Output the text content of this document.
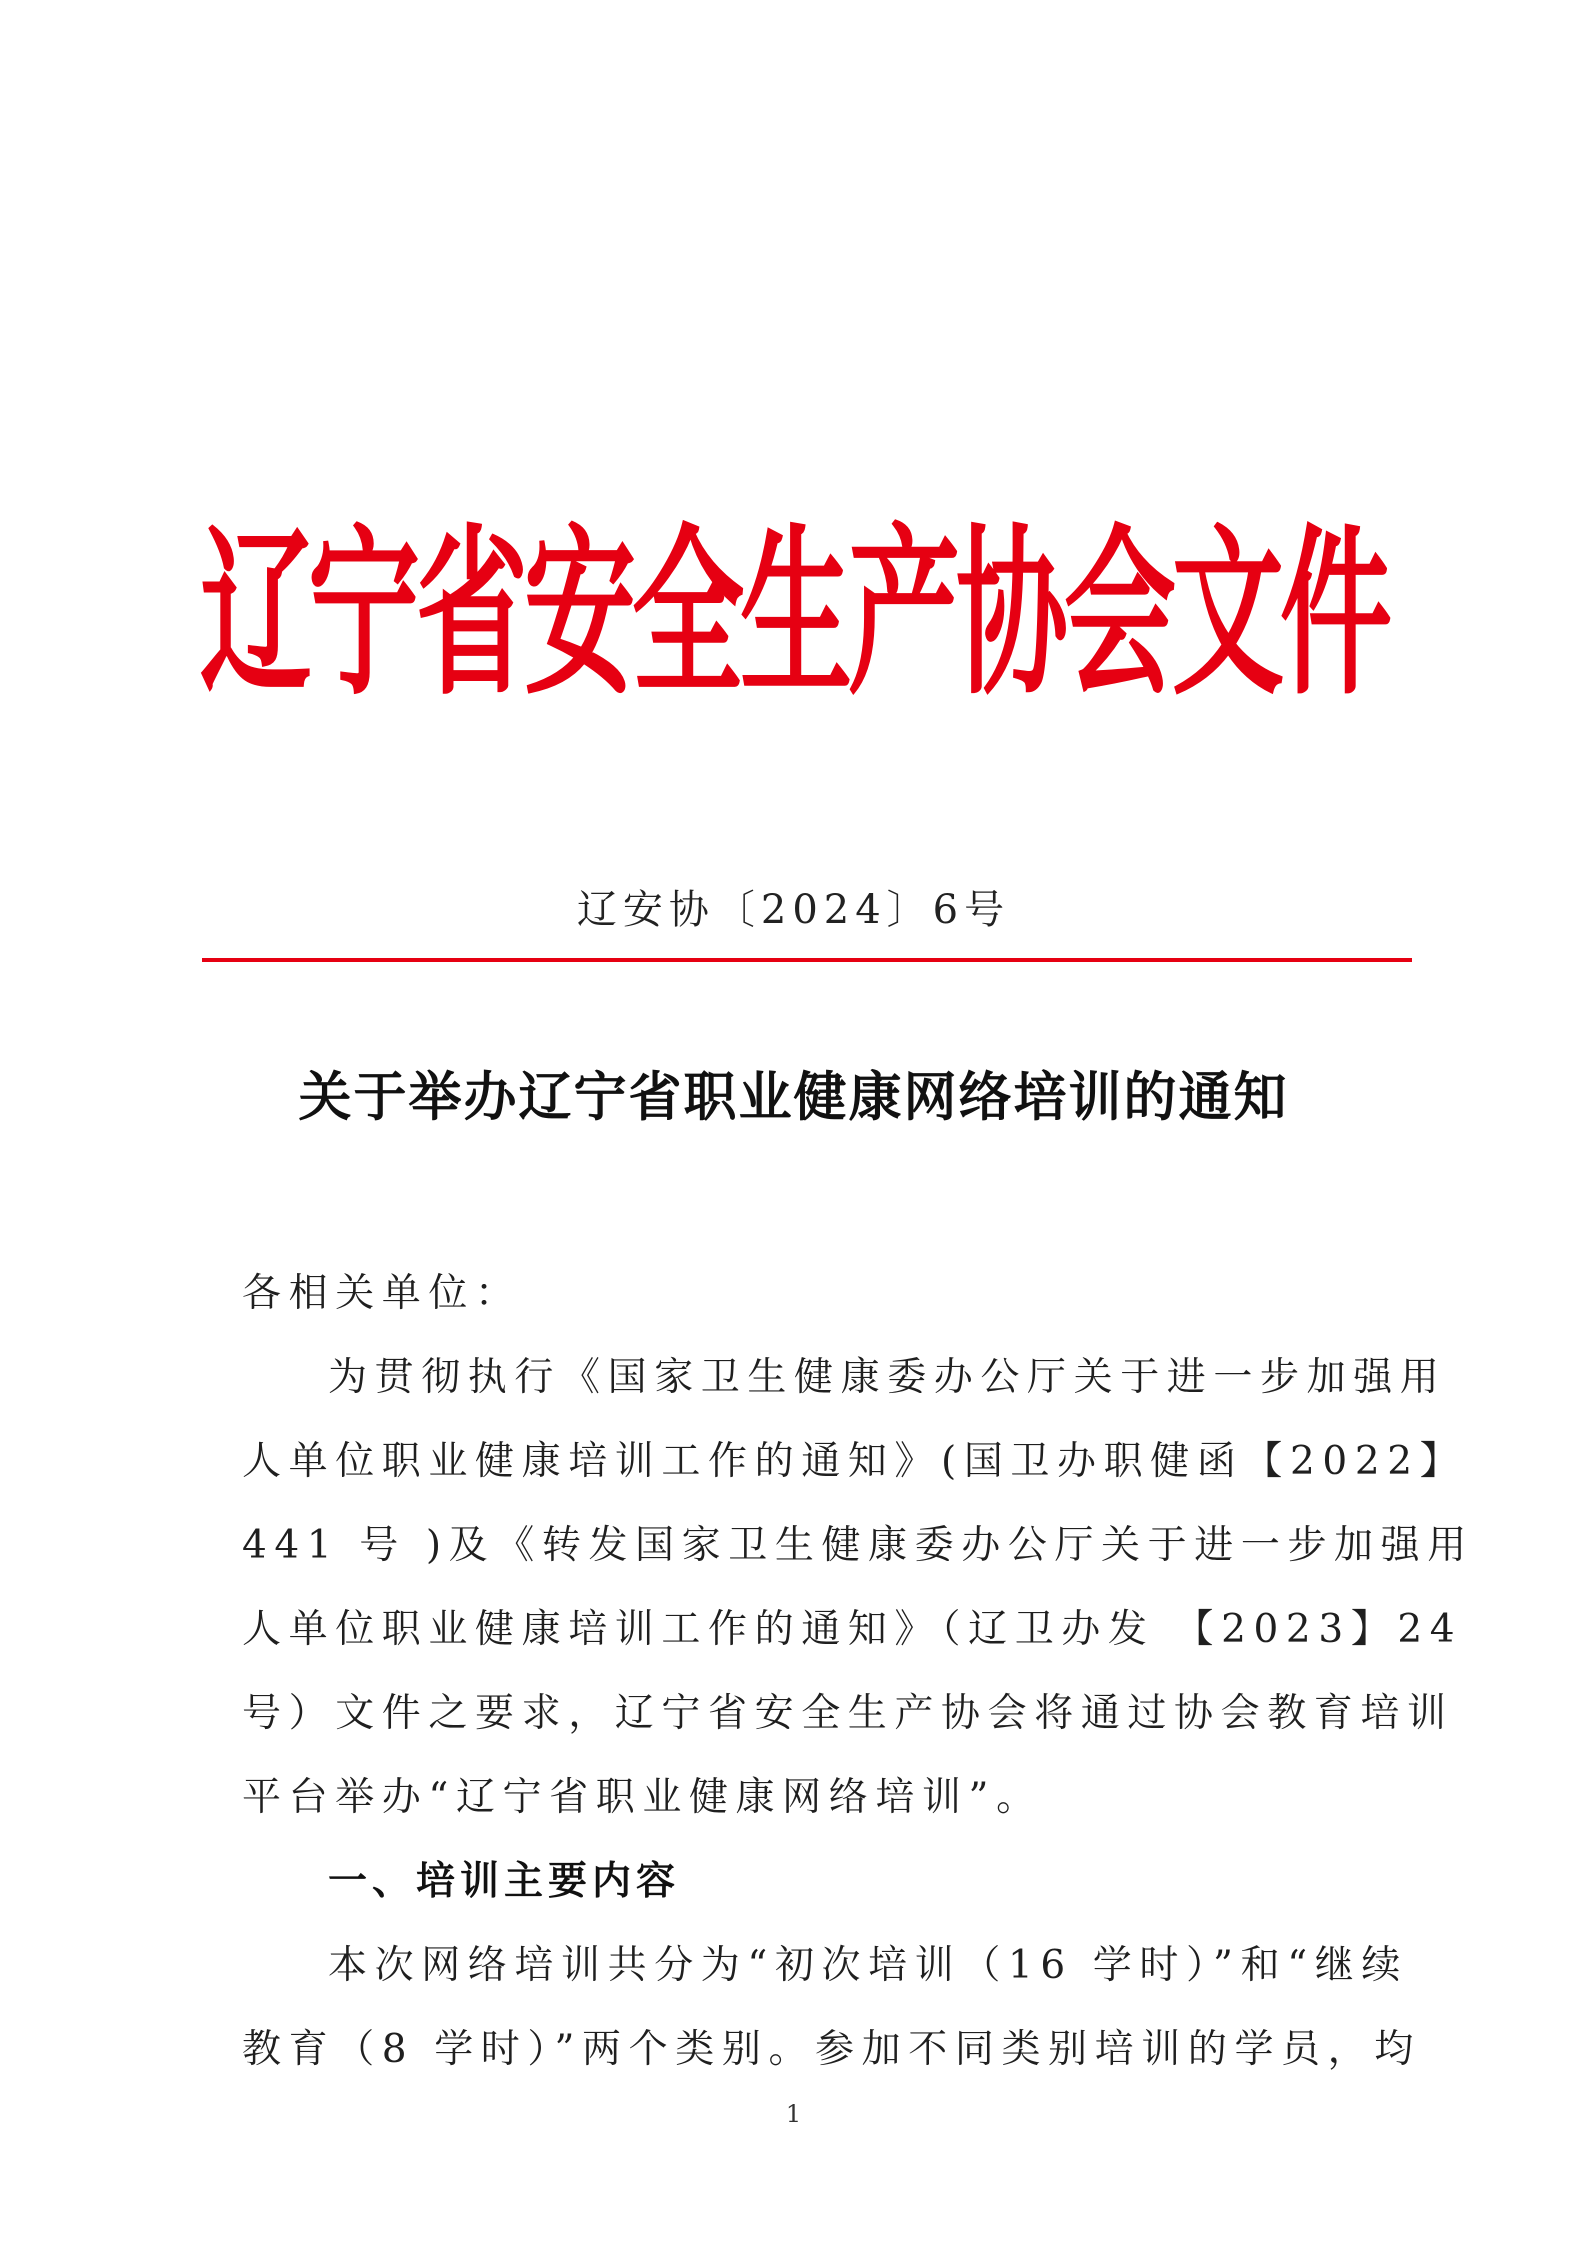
辽宁省安全生产协会文件
辽安协〔2024〕6号
关于举办辽宁省职业健康网络培训的通知
各相关单位：
为贯彻执行《国家卫生健康委办公厅关于进一步加强用
人单位职业健康培训工作的通知》(国卫办职健函【2022】
441 号 )及《转发国家卫生健康委办公厅关于进一步加强用
人单位职业健康培训工作的通知》（辽卫办发 【2023】24
号）文件之要求，辽宁省安全生产协会将通过协会教育培训
平台举办“辽宁省职业健康网络培训”。
一、培训主要内容
本次网络培训共分为“初次培训（16 学时）”和“继续
教育（8 学时）”两个类别。参加不同类别培训的学员，均
1
